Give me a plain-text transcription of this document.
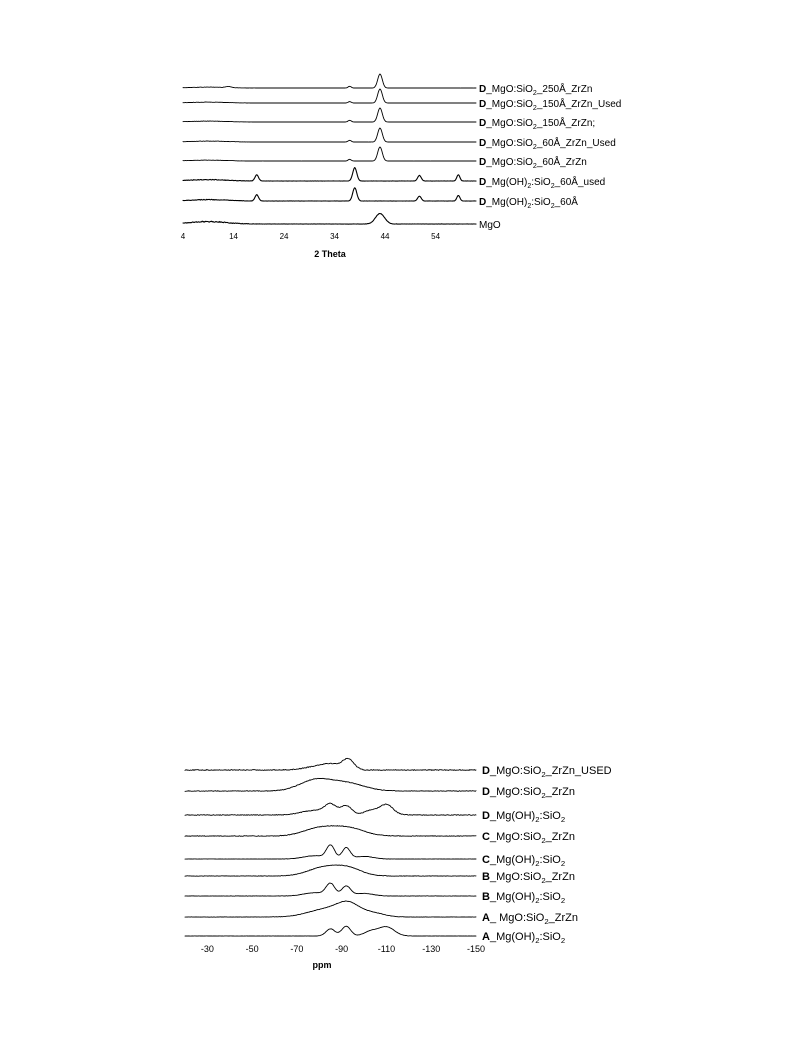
D_MgO:SiO$_2$_250Å_ZrZn
D_MgO:SiO$_2$_150Å_ZrZn_Used
D_MgO:SiO$_2$_150Å_ZrZn;
D_MgO:SiO$_2$_60Å_ZrZn_Used
D_MgO:SiO$_2$_60Å_ZrZn
$D\_Mg(OH)_2:SiO_2\_60Å\_used$
$D\_Mg(OH)_2:SiO_2\_60Å$
MgO
4	14	24	34	44	54
2 Theta
D_MgO:SiO$_2$_ZrZn_USED
D_MgO:SiO$_2$_ZrZn
$D\_Mg(OH)_2:SiO_2$
C_MgO:SiO$_2$_ZrZn
$C\_Mg(OH)_2:SiO_2$
B_MgO:SiO$_2$_ZrZn
$B\_Mg(OH)_2:SiO_2$
A_ MgO:SiO$_2$_ZrZn
$A\_Mg(OH)_2:SiO_2$
-30	-50	-70	-90	-110	-130	-150
ppm
